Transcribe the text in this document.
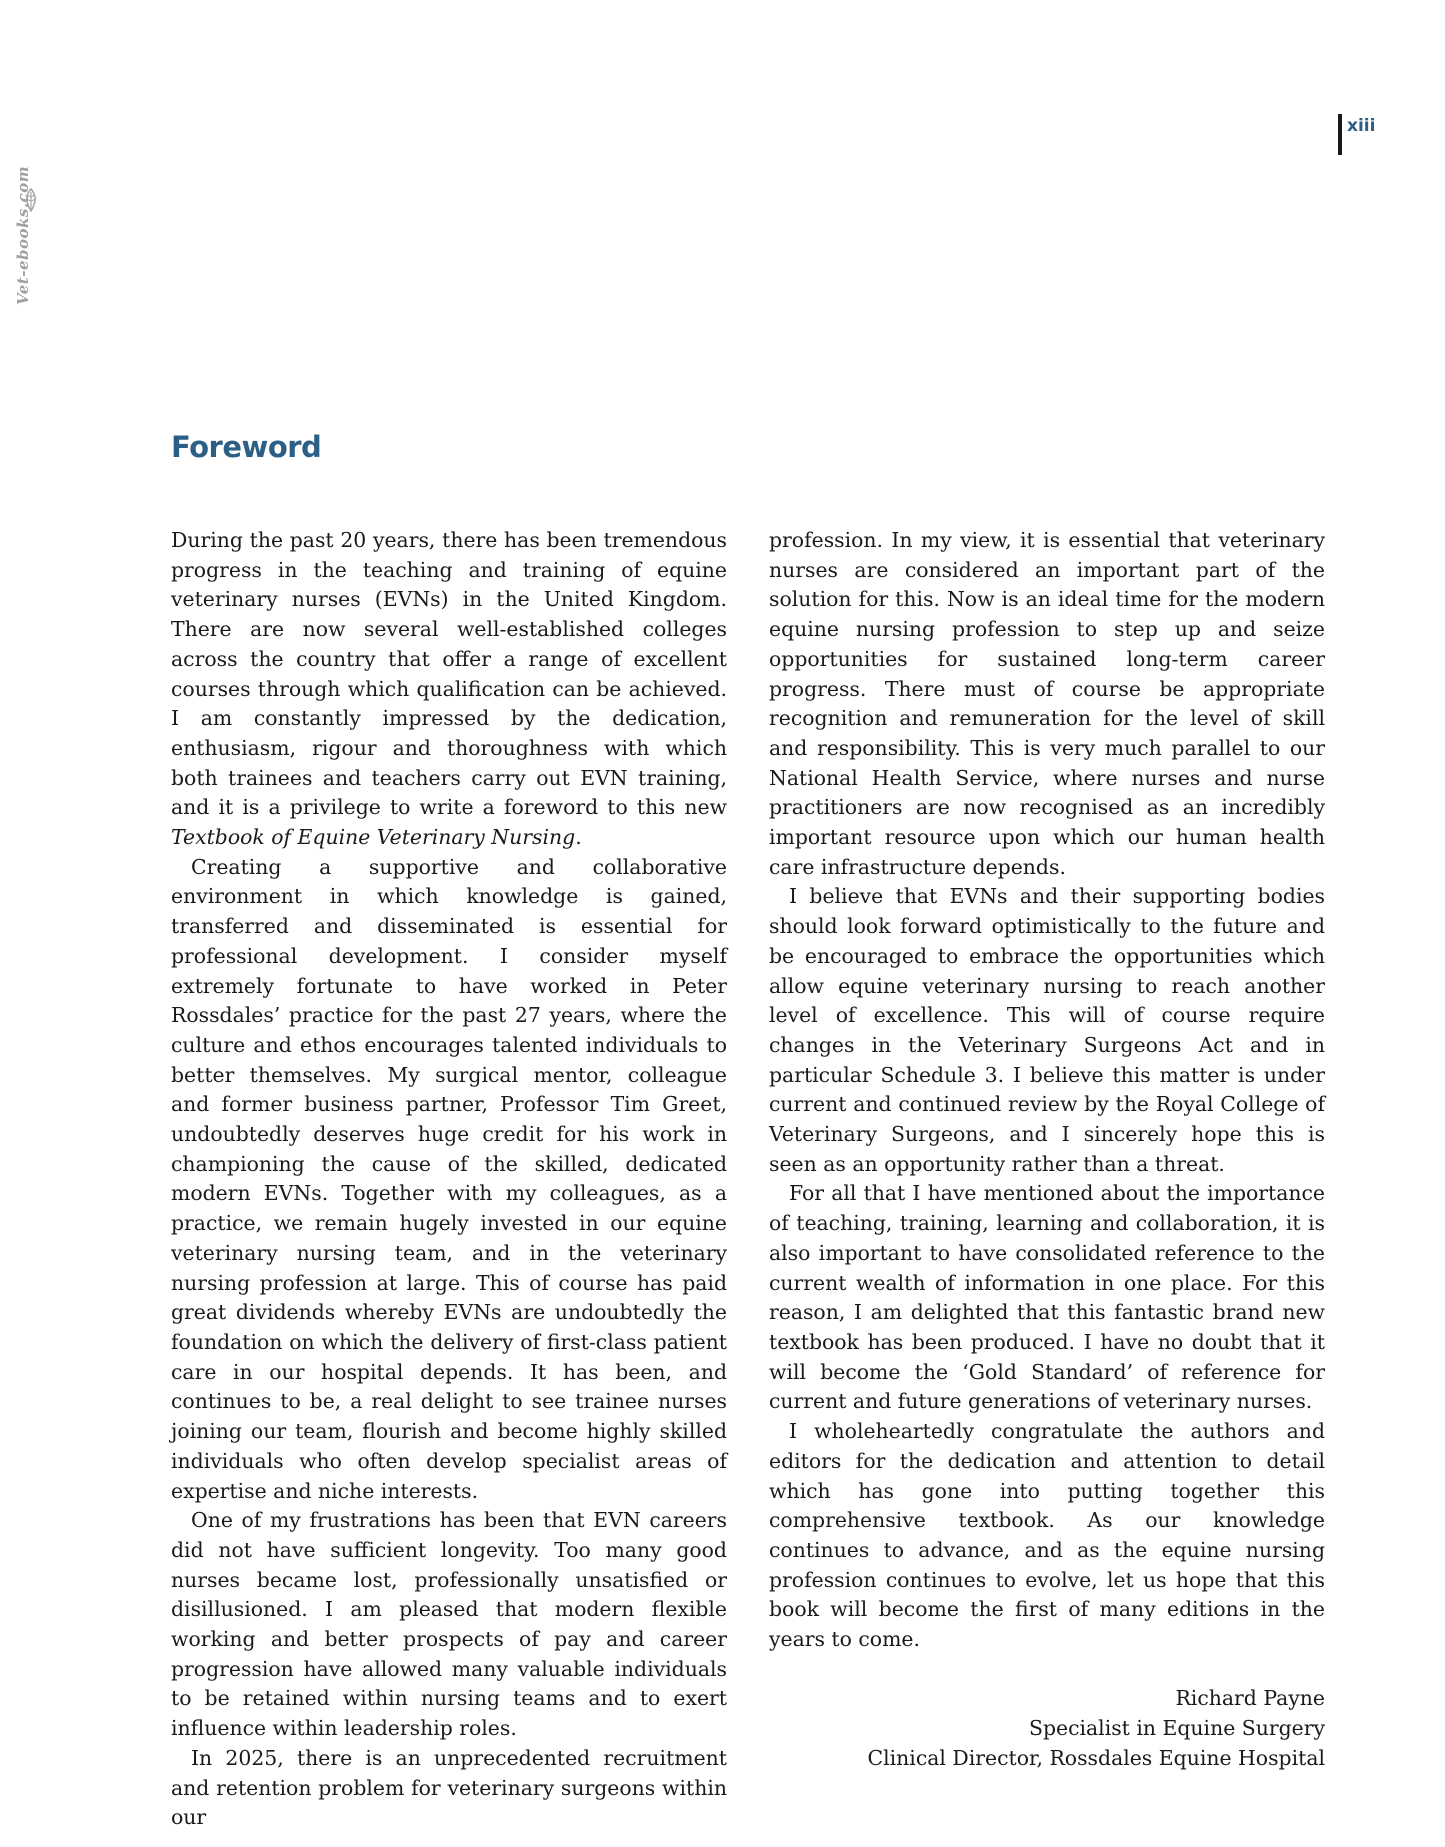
Vet-ebooks.com
xiii
Foreword

During the past 20 years, there has been tremendous progress in the teaching and training of equine veterinary nurses (EVNs) in the United Kingdom. There are now several well-established colleges across the country that offer a range of excellent courses through which qualification can be achieved. I am constantly impressed by the dedication, enthusiasm, rigour and thoroughness with which both trainees and teachers carry out EVN training, and it is a privilege to write a foreword to this new Textbook of Equine Veterinary Nursing.

Creating a supportive and collaborative environment in which knowledge is gained, transferred and disseminated is essential for professional development. I consider myself extremely fortunate to have worked in Peter Rossdales’ practice for the past 27 years, where the culture and ethos encourages talented individuals to better themselves. My surgical mentor, colleague and former business partner, Professor Tim Greet, undoubtedly deserves huge credit for his work in championing the cause of the skilled, dedicated modern EVNs. Together with my colleagues, as a practice, we remain hugely invested in our equine veterinary nursing team, and in the veterinary nursing profession at large. This of course has paid great dividends whereby EVNs are undoubtedly the foundation on which the delivery of first-class patient care in our hospital depends. It has been, and continues to be, a real delight to see trainee nurses joining our team, flourish and become highly skilled individuals who often develop specialist areas of expertise and niche interests.

One of my frustrations has been that EVN careers did not have sufficient longevity. Too many good nurses became lost, professionally unsatisfied or disillusioned. I am pleased that modern flexible working and better prospects of pay and career progression have allowed many valuable individuals to be retained within nursing teams and to exert influence within leadership roles.

In 2025, there is an unprecedented recruitment and retention problem for veterinary surgeons within our

profession. In my view, it is essential that veterinary nurses are considered an important part of the solution for this. Now is an ideal time for the modern equine nursing profession to step up and seize opportunities for sustained long-term career progress. There must of course be appropriate recognition and remuneration for the level of skill and responsibility. This is very much parallel to our National Health Service, where nurses and nurse practitioners are now recognised as an incredibly important resource upon which our human health care infrastructure depends.

I believe that EVNs and their supporting bodies should look forward optimistically to the future and be encouraged to embrace the opportunities which allow equine veterinary nursing to reach another level of excellence. This will of course require changes in the Veterinary Surgeons Act and in particular Schedule 3. I believe this matter is under current and continued review by the Royal College of Veterinary Surgeons, and I sincerely hope this is seen as an opportunity rather than a threat.

For all that I have mentioned about the importance of teaching, training, learning and collaboration, it is also important to have consolidated reference to the current wealth of information in one place. For this reason, I am delighted that this fantastic brand new textbook has been produced. I have no doubt that it will become the ‘Gold Standard’ of reference for current and future generations of veterinary nurses.

I wholeheartedly congratulate the authors and editors for the dedication and attention to detail which has gone into putting together this comprehensive textbook. As our knowledge continues to advance, and as the equine nursing profession continues to evolve, let us hope that this book will become the first of many editions in the years to come.

Richard Payne
Specialist in Equine Surgery
Clinical Director, Rossdales Equine Hospital
